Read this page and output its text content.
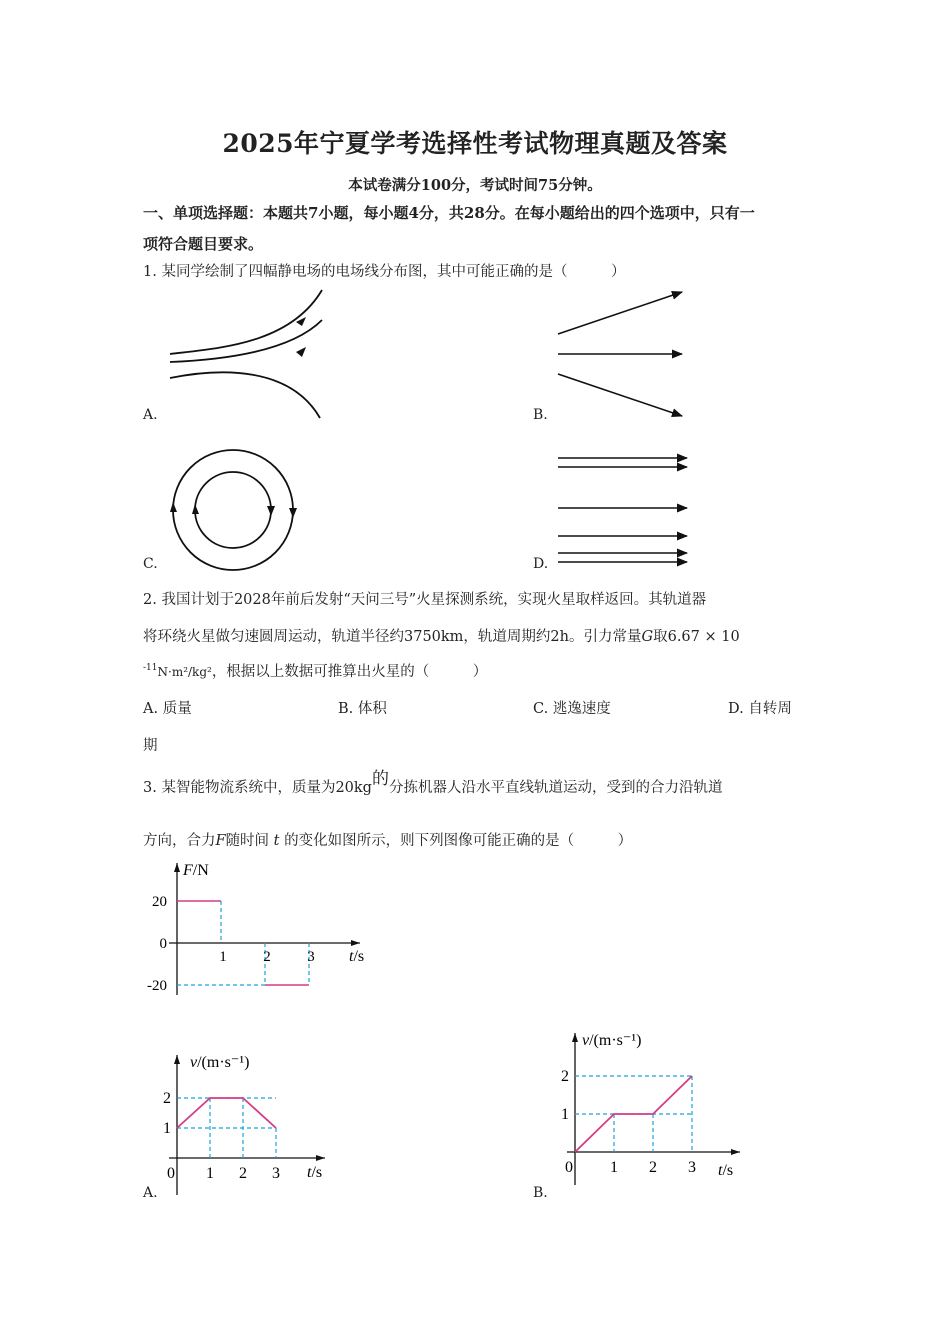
2025年宁夏学考选择性考试物理真题及答案
本试卷满分100分，考试时间75分钟。
一、单项选择题：本题共7小题，每小题4分，共28分。在每小题给出的四个选项中，只有一
项符合题目要求。
1. 某同学绘制了四幅静电场的电场线分布图，其中可能正确的是（　　　）
A.	B.
C.	D.
2. 我国计划于2028年前后发射“天问三号”火星探测系统，实现火星取样返回。其轨道器
将环绕火星做匀速圆周运动，轨道半径约3750km，轨道周期约2h。引力常量G取6.67 × 10
$^{-11}$N·m²/kg²，根据以上数据可推算出火星的（　　　）
A. 质量	B. 体积	C. 逃逸速度	D. 自转周
期
3. 某智能物流系统中，质量为20kg的分拣机器人沿水平直线轨道运动，受到的合力沿轨道
方向，合力F随时间 t 的变化如图所示，则下列图像可能正确的是（　　　）
F/N
t/s
20
0
-20
1 2 3
v/(m·s⁻¹)
t/s
1
2
0 1 2 3
A.
v/(m·s⁻¹)
t/s
1
2
0 1 2 3
B.
